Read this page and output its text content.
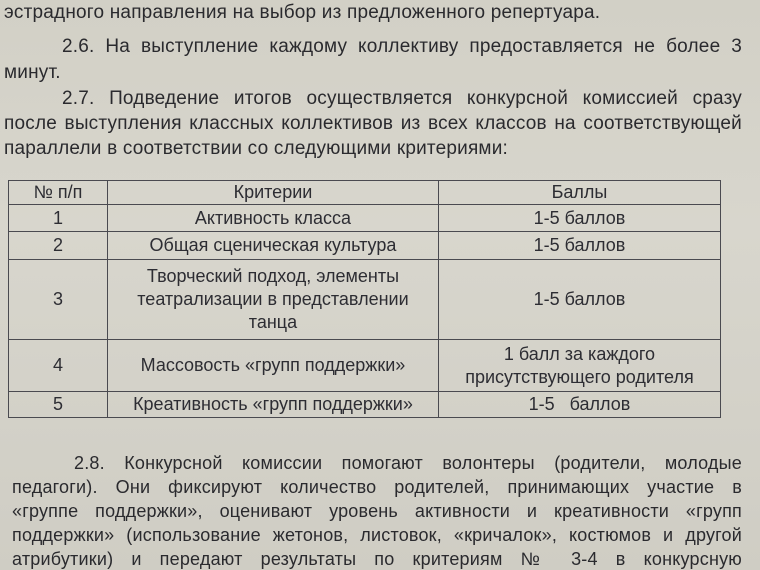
эстрадного направления на выбор из предложенного репертуара.
2.6. На выступление каждому коллективу предоставляется не более 3
минут.
2.7. Подведение итогов осуществляется конкурсной комиссией сразу
после выступления классных коллективов из всех классов на соответствующей
параллели в соответствии со следующими критериями:
№ п/п	Критерии	Баллы
1	Активность класса	1-5 баллов
2	Общая сценическая культура	1-5 баллов
3	Творческий подход, элементы театрализации в представлении танца	1-5 баллов
4	Массовость «групп поддержки»	1 балл за каждого присутствующего родителя
5	Креативность «групп поддержки»	1-5   баллов
2.8. Конкурсной комиссии помогают волонтеры (родители, молодые
педагоги). Они фиксируют количество родителей, принимающих участие в
«группе поддержки», оценивают уровень активности и креативности «групп
поддержки» (использование жетонов, листовок, «кричалок», костюмов и другой
атрибутики) и передают результаты по критериям № 3-4 в конкурсную
